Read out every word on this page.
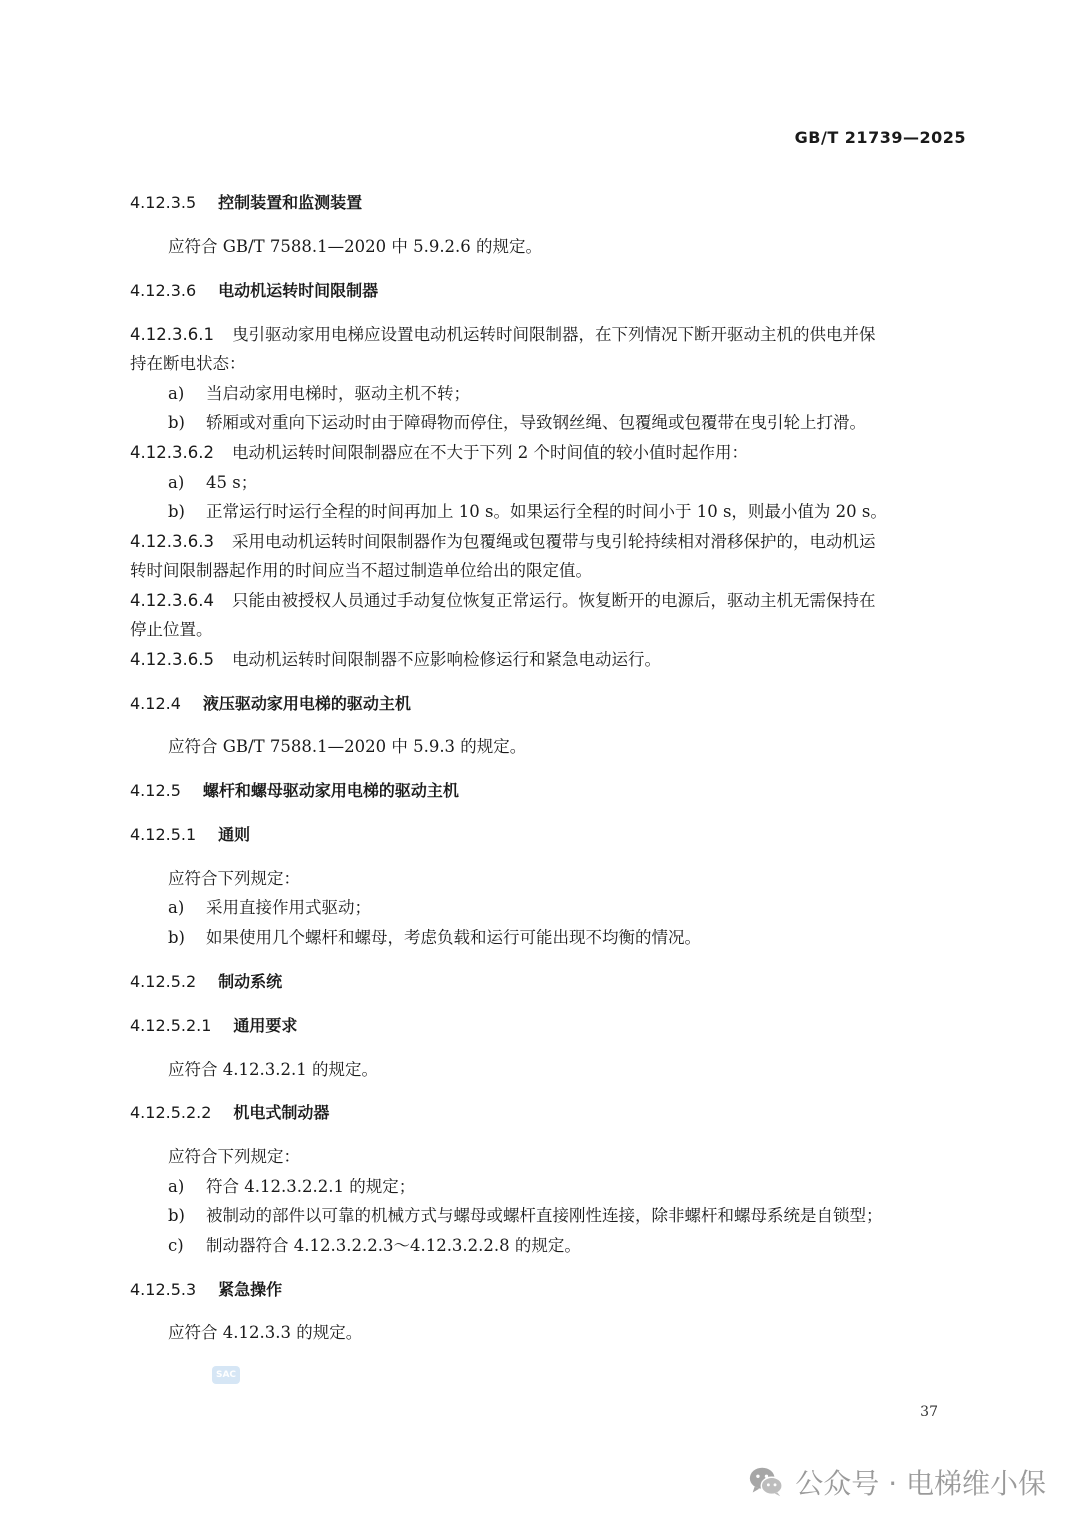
GB/T 21739—2025
4.12.3.5 控制装置和监测装置
应符合 GB/T 7588.1—2020 中 5.9.2.6 的规定。
4.12.3.6 电动机运转时间限制器
4.12.3.6.1 曳引驱动家用电梯应设置电动机运转时间限制器，在下列情况下断开驱动主机的供电并保
持在断电状态：
a) 当启动家用电梯时，驱动主机不转；
b) 轿厢或对重向下运动时由于障碍物而停住，导致钢丝绳、包覆绳或包覆带在曳引轮上打滑。
4.12.3.6.2 电动机运转时间限制器应在不大于下列 2 个时间值的较小值时起作用：
a) 45 s；
b) 正常运行时运行全程的时间再加上 10 s。如果运行全程的时间小于 10 s，则最小值为 20 s。
4.12.3.6.3 采用电动机运转时间限制器作为包覆绳或包覆带与曳引轮持续相对滑移保护的，电动机运
转时间限制器起作用的时间应当不超过制造单位给出的限定值。
4.12.3.6.4 只能由被授权人员通过手动复位恢复正常运行。恢复断开的电源后，驱动主机无需保持在
停止位置。
4.12.3.6.5 电动机运转时间限制器不应影响检修运行和紧急电动运行。
4.12.4 液压驱动家用电梯的驱动主机
应符合 GB/T 7588.1—2020 中 5.9.3 的规定。
4.12.5 螺杆和螺母驱动家用电梯的驱动主机
4.12.5.1 通则
应符合下列规定：
a) 采用直接作用式驱动；
b) 如果使用几个螺杆和螺母，考虑负载和运行可能出现不均衡的情况。
4.12.5.2 制动系统
4.12.5.2.1 通用要求
应符合 4.12.3.2.1 的规定。
4.12.5.2.2 机电式制动器
应符合下列规定：
a) 符合 4.12.3.2.2.1 的规定；
b) 被制动的部件以可靠的机械方式与螺母或螺杆直接刚性连接，除非螺杆和螺母系统是自锁型；
c) 制动器符合 4.12.3.2.2.3～4.12.3.2.2.8 的规定。
4.12.5.3 紧急操作
应符合 4.12.3.3 的规定。
SAC
37
公众号 · 电梯维小保
